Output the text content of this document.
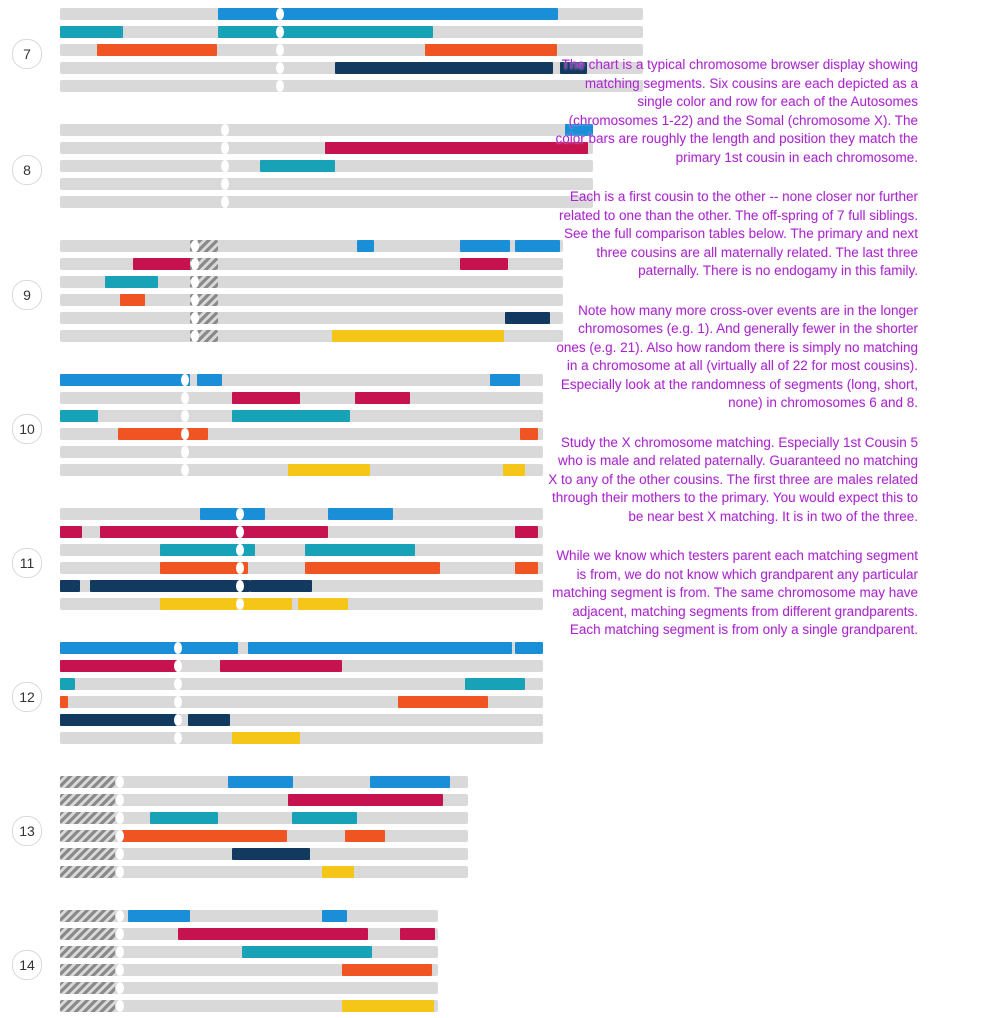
7
8
9
10
11
12
13
14

The chart is a typical chromosome browser display showing matching segments. Six cousins are each depicted as a single color and row for each of the Autosomes (chromosomes 1-22) and the Somal (chromosome X). The color bars are roughly the length and position they match the primary 1st cousin in each chromosome.

Each is a first cousin to the other -- none closer nor further related to one than the other. The off-spring of 7 full siblings. See the full comparison tables below. The primary and next three cousins are all maternally related. The last three paternally. There is no endogamy in this family.

Note how many more cross-over events are in the longer chromosomes (e.g. 1). And generally fewer in the shorter ones (e.g. 21). Also how random there is simply no matching in a chromosome at all (virtually all of 22 for most cousins). Especially look at the randomness of segments (long, short, none) in chromosomes 6 and 8.

Study the X chromosome matching. Especially 1st Cousin 5 who is male and related paternally. Guaranteed no matching X to any of the other cousins. The first three are males related through their mothers to the primary. You would expect this to be near best X matching. It is in two of the three.

While we know which testers parent each matching segment is from, we do not know which grandparent any particular matching segment is from. The same chromosome may have adjacent, matching segments from different grandparents. Each matching segment is from only a single grandparent.
